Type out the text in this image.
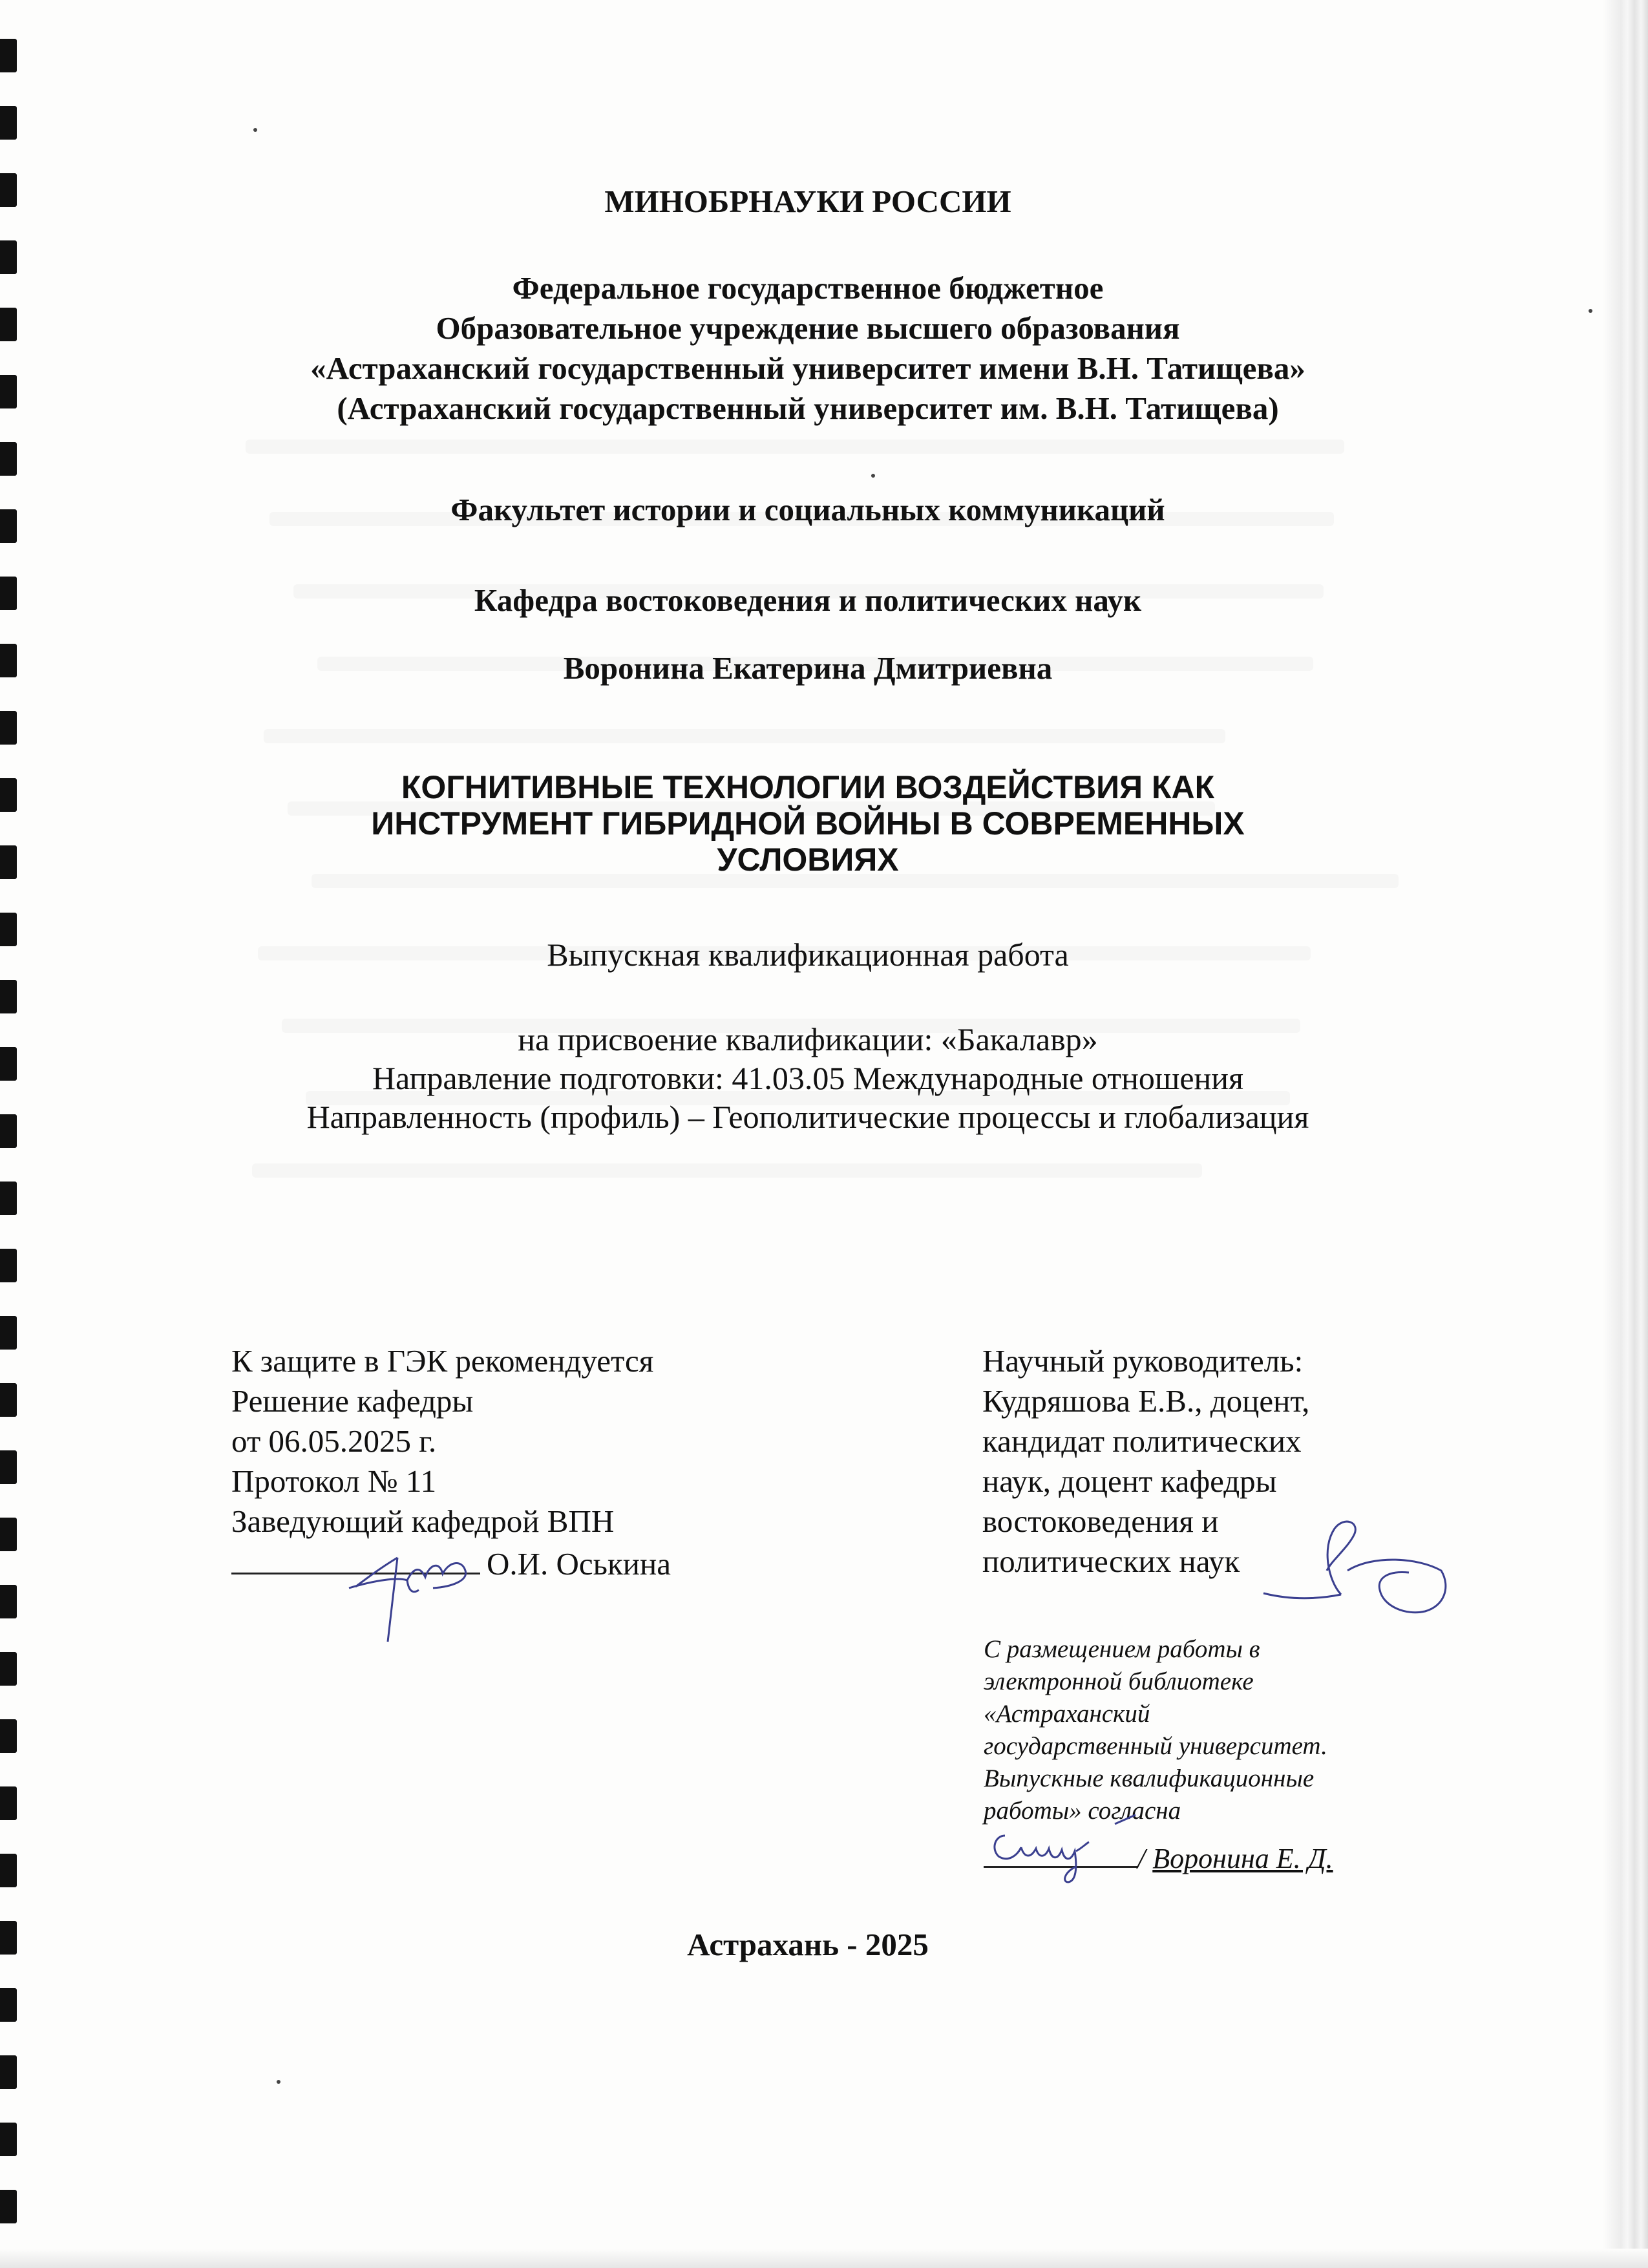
МИНОБРНАУКИ РОССИИ
Федеральное государственное бюджетное
Образовательное учреждение высшего образования
«Астраханский государственный университет имени В.Н. Татищева»
(Астраханский государственный университет им. В.Н. Татищева)
Факультет истории и социальных коммуникаций
Кафедра востоковедения и политических наук
Воронина Екатерина Дмитриевна
КОГНИТИВНЫЕ ТЕХНОЛОГИИ ВОЗДЕЙСТВИЯ КАК
ИНСТРУМЕНТ ГИБРИДНОЙ ВОЙНЫ В СОВРЕМЕННЫХ
УСЛОВИЯХ
Выпускная квалификационная работа
на присвоение квалификации: «Бакалавр»
Направление подготовки: 41.03.05 Международные отношения
Направленность (профиль) – Геополитические процессы и глобализация
К защите в ГЭК рекомендуется
Решение кафедры
от 06.05.2025 г.
Протокол № 11
Заведующий кафедрой ВПН
О.И. Оськина
Научный руководитель:
Кудряшова Е.В., доцент,
кандидат политических
наук, доцент кафедры
востоковедения и
политических наук
С размещением работы в
электронной библиотеке
«Астраханский
государственный университет.
Выпускные квалификационные
работы» согласна
/ Воронина Е. Д.
Астрахань - 2025
